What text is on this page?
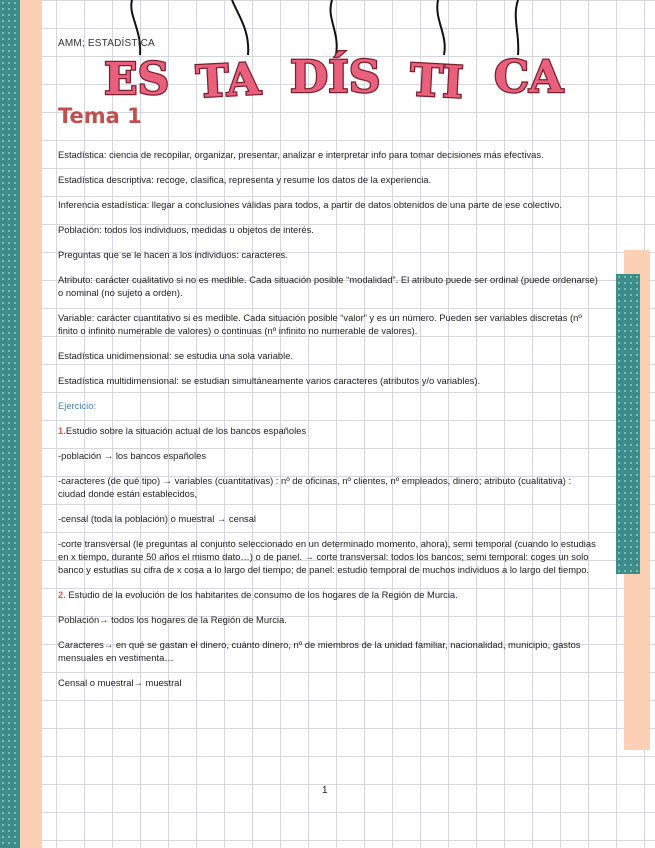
ES TA DÍS TI CA
AMM; ESTADÍSTICA
Tema 1

Estadística: ciencia de recopilar, organizar, presentar, analizar e interpretar info para tomar decisiones más efectivas.

Estadística descriptiva: recoge, clasifica, representa y resume los datos de la experiencia.

Inferencia estadística: llegar a conclusiones válidas para todos, a partir de datos obtenidos de una parte de ese colectivo.

Población: todos los individuos, medidas u objetos de interés.

Preguntas que se le hacen a los individuos: caracteres.

Atributo: carácter cualitativo si no es medible. Cada situación posible “modalidad”. El atributo puede ser ordinal (puede ordenarse) o nominal (no sujeto a orden).

Variable: carácter cuantitativo si es medible. Cada situación posible “valor” y es un número. Pueden ser variables discretas (nº finito o infinito numerable de valores) o continuas (nº infinito no numerable de valores).

Estadística unidimensional: se estudia una sola variable.

Estadística multidimensional: se estudian simultáneamente varios caracteres (atributos y/o variables).

Ejercicio:

1.Estudio sobre la situación actual de los bancos españoles

-población → los bancos españoles

-caracteres (de qué tipo) → variables (cuantitativas) : nº de oficinas, nº clientes, nº empleados, dinero; atributo (cualitativa) : ciudad donde están establecidos,

-censal (toda la población) o muestral → censal

-corte transversal (le preguntas al conjunto seleccionado en un determinado momento, ahora), semi temporal (cuando lo estudias en x tiempo, durante 50 años el mismo dato…) o de panel. → corte transversal: todos los bancos; semi temporal: coges un solo banco y estudias su cifra de x cosa a lo largo del tiempo; de panel: estudio temporal de muchos individuos a lo largo del tiempo.

2. Estudio de la evolución de los habitantes de consumo de los hogares de la Región de Murcia.

Población→ todos los hogares de la Región de Murcia.

Caracteres→ en qué se gastan el dinero, cuánto dinero, nº de miembros de la unidad familiar, nacionalidad, municipio, gastos mensuales en vestimenta…

Censal o muestral→ muestral

1
